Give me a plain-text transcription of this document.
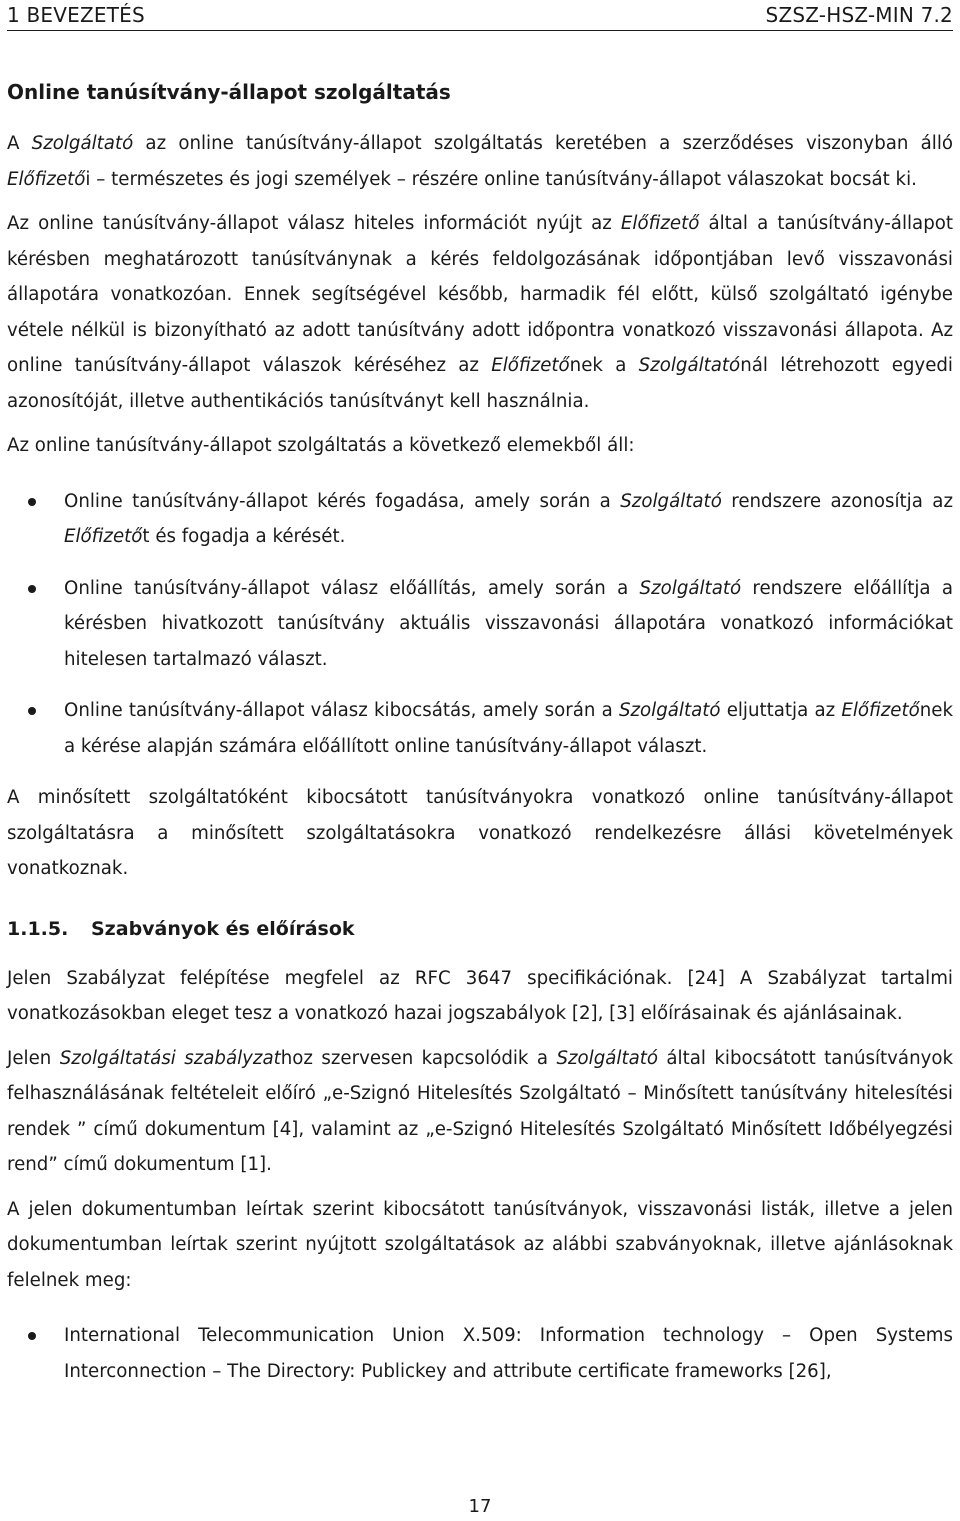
1 BEVEZETÉS	SZSZ-HSZ-MIN 7.2
Online tanúsítvány-állapot szolgáltatás

A Szolgáltató az online tanúsítvány-állapot szolgáltatás keretében a szerződéses viszonyban álló Előfizetői – természetes és jogi személyek – részére online tanúsítvány-állapot válaszokat bocsát ki.

Az online tanúsítvány-állapot válasz hiteles információt nyújt az Előfizető által a tanúsítvány-állapot kérésben meghatározott tanúsítványnak a kérés feldolgozásának időpontjában levő visszavonási állapotára vonatkozóan. Ennek segítségével később, harmadik fél előtt, külső szolgáltató igénybe vétele nélkül is bizonyítható az adott tanúsítvány adott időpontra vonatkozó visszavonási állapota. Az online tanúsítvány-állapot válaszok kéréséhez az Előfizetőnek a Szolgáltatónál létrehozott egyedi azonosítóját, illetve authentikációs tanúsítványt kell használnia.

Az online tanúsítvány-állapot szolgáltatás a következő elemekből áll:

Online tanúsítvány-állapot kérés fogadása, amely során a Szolgáltató rendszere azonosítja az Előfizetőt és fogadja a kérését.
Online tanúsítvány-állapot válasz előállítás, amely során a Szolgáltató rendszere előállítja a kérésben hivatkozott tanúsítvány aktuális visszavonási állapotára vonatkozó információkat hitelesen tartalmazó választ.
Online tanúsítvány-állapot válasz kibocsátás, amely során a Szolgáltató eljuttatja az Előfizetőnek a kérése alapján számára előállított online tanúsítvány-állapot választ.

A minősített szolgáltatóként kibocsátott tanúsítványokra vonatkozó online tanúsítvány-állapot szolgáltatásra a minősített szolgáltatásokra vonatkozó rendelkezésre állási követelmények vonatkoznak.

1.1.5.	Szabványok és előírások

Jelen Szabályzat felépítése megfelel az RFC 3647 specifikációnak. [24] A Szabályzat tartalmi vonatkozásokban eleget tesz a vonatkozó hazai jogszabályok [2], [3] előírásainak és ajánlásainak.

Jelen Szolgáltatási szabályzathoz szervesen kapcsolódik a Szolgáltató által kibocsátott tanúsítványok felhasználásának feltételeit előíró „e-Szignó Hitelesítés Szolgáltató – Minősített tanúsítvány hitelesítési rendek ” című dokumentum [4], valamint az „e-Szignó Hitelesítés Szolgáltató Minősített Időbélyegzési rend” című dokumentum [1].

A jelen dokumentumban leírtak szerint kibocsátott tanúsítványok, visszavonási listák, illetve a jelen dokumentumban leírtak szerint nyújtott szolgáltatások az alábbi szabványoknak, illetve ajánlásoknak felelnek meg:

International Telecommunication Union X.509: Information technology – Open Systems Interconnection – The Directory: Publickey and attribute certificate frameworks [26],
17
